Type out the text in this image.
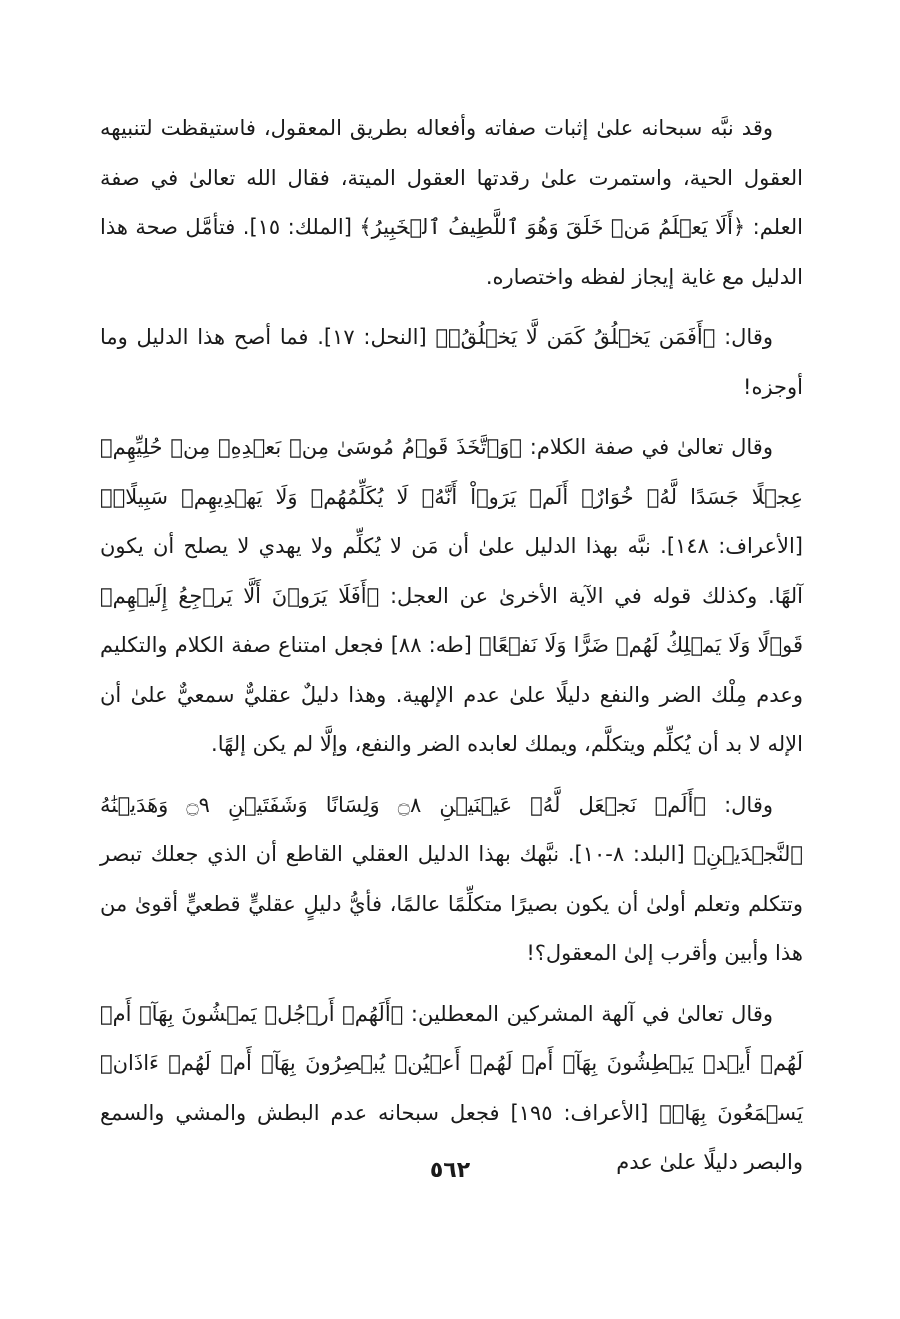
وقد نبَّه سبحانه علىٰ إثبات صفاته وأفعاله بطريق المعقول، فاستيقظت لتنبيهه العقول الحية، واستمرت علىٰ رقدتها العقول الميتة، فقال الله تعالىٰ في صفة العلم: ﴿أَلَا يَعۡلَمُ مَنۡ خَلَقَ وَهُوَ ٱللَّطِيفُ ٱلۡخَبِيرُ﴾ [الملك: ١٥]. فتأمَّل صحة هذا الدليل مع غاية إيجاز لفظه واختصاره.

وقال: ﴿أَفَمَن يَخۡلُقُ كَمَن لَّا يَخۡلُقُۚ﴾ [النحل: ١٧]. فما أصح هذا الدليل وما أوجزه!

وقال تعالىٰ في صفة الكلام: ﴿وَٱتَّخَذَ قَوۡمُ مُوسَىٰ مِنۢ بَعۡدِهِۦ مِنۡ حُلِيِّهِمۡ عِجۡلًا جَسَدًا لَّهُۥ خُوَارٌۚ أَلَمۡ يَرَوۡاْ أَنَّهُۥ لَا يُكَلِّمُهُمۡ وَلَا يَهۡدِيهِمۡ سَبِيلًاۘ﴾ [الأعراف: ١٤٨]. نبَّه بهذا الدليل علىٰ أن مَن لا يُكلِّم ولا يهدي لا يصلح أن يكون آلهًا. وكذلك قوله في الآية الأخرىٰ عن العجل: ﴿أَفَلَا يَرَوۡنَ أَلَّا يَرۡجِعُ إِلَيۡهِمۡ قَوۡلًا وَلَا يَمۡلِكُ لَهُمۡ ضَرًّا وَلَا نَفۡعًا﴾ [طه: ٨٨] فجعل امتناع صفة الكلام والتكليم وعدم مِلْك الضر والنفع دليلًا علىٰ عدم الإلهية. وهذا دليلٌ عقليٌّ سمعيٌّ علىٰ أن الإله لا بد أن يُكلِّم ويتكلَّم، ويملك لعابده الضر والنفع، وإلَّا لم يكن إلهًا.

وقال: ﴿أَلَمۡ نَجۡعَل لَّهُۥ عَيۡنَيۡنِ ۝٨ وَلِسَانًا وَشَفَتَيۡنِ ۝٩ وَهَدَيۡنَٰهُ ٱلنَّجۡدَيۡنِ﴾ [البلد: ٨-١٠]. نبَّهك بهذا الدليل العقلي القاطع أن الذي جعلك تبصر وتتكلم وتعلم أولىٰ أن يكون بصيرًا متكلِّمًا عالمًا، فأيُّ دليلٍ عقليٍّ قطعيٍّ أقوىٰ من هذا وأبين وأقرب إلىٰ المعقول؟!

وقال تعالىٰ في آلهة المشركين المعطلين: ﴿أَلَهُمۡ أَرۡجُلٞ يَمۡشُونَ بِهَآۖ أَمۡ لَهُمۡ أَيۡدٖ يَبۡطِشُونَ بِهَآۖ أَمۡ لَهُمۡ أَعۡيُنٞ يُبۡصِرُونَ بِهَآۖ أَمۡ لَهُمۡ ءَاذَانٞ يَسۡمَعُونَ بِهَاۗ﴾ [الأعراف: ١٩٥] فجعل سبحانه عدم البطش والمشي والسمع والبصر دليلًا علىٰ عدم

٥٦٢
